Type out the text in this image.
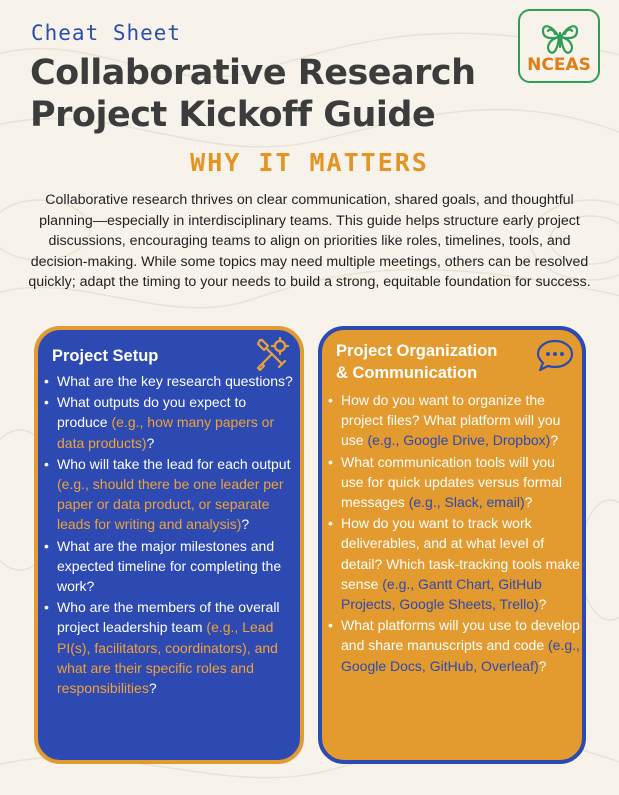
Cheat Sheet
Collaborative Research
Project Kickoff Guide
NCEAS
WHY IT MATTERS

Collaborative research thrives on clear communication, shared goals, and thoughtful planning—especially in interdisciplinary teams. This guide helps structure early project discussions, encouraging teams to align on priorities like roles, timelines, tools, and decision-making. While some topics may need multiple meetings, others can be resolved quickly; adapt the timing to your needs to build a strong, equitable foundation for success.

Project Setup
• What are the key research questions?
• What outputs do you expect to produce (e.g., how many papers or data products)?
• Who will take the lead for each output (e.g., should there be one leader per paper or data product, or separate leads for writing and analysis)?
• What are the major milestones and expected timeline for completing the work?
• Who are the members of the overall project leadership team (e.g., Lead PI(s), facilitators, coordinators), and what are their specific roles and responsibilities?
Project Organization
& Communication
• How do you want to organize the project files? What platform will you use (e.g., Google Drive, Dropbox)?
• What communication tools will you use for quick updates versus formal messages (e.g., Slack, email)?
• How do you want to track work deliverables, and at what level of detail? Which task-tracking tools make sense (e.g., Gantt Chart, GitHub Projects, Google Sheets, Trello)?
• What platforms will you use to develop and share manuscripts and code (e.g., Google Docs, GitHub, Overleaf)?
